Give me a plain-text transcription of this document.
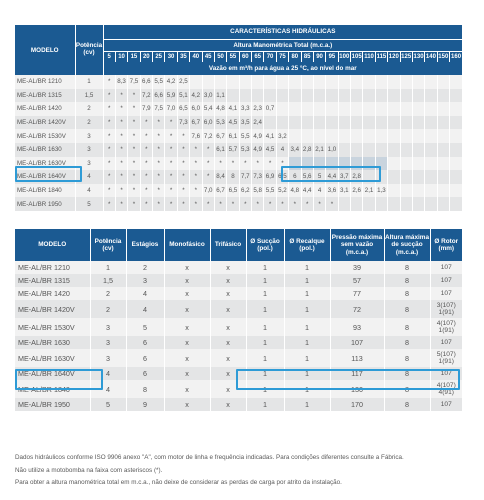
MODELO	Potência (cv)	CARACTERÍSTICAS HIDRÁULICAS																												
		Altura Manométrica Total (m.c.a.)																												
		5	10	15	20	25	30	35	40	45	50	55	60	65	70	75	80	85	90	95	100	105	110	115	120	125	130	140	150	160
		Vazão em m³/h para água a 25 °C, ao nível do mar																												
ME-AL/BR 1210	1	*	8,3	7,5	6,6	5,5	4,2	2,5																						
ME-AL/BR 1315	1,5	*	*	*	7,2	6,6	5,9	5,1	4,2	3,0	1,1																			
ME-AL/BR 1420	2	*	*	*	7,9	7,5	7,0	6,5	6,0	5,4	4,8	4,1	3,3	2,3	0,7															
ME-AL/BR 1420V	2	*	*	*	*	*	*	7,3	6,7	6,0	5,3	4,5	3,5	2,4																
ME-AL/BR 1530V	3	*	*	*	*	*	*	*	7,6	7,2	6,7	6,1	5,5	4,9	4,1	3,2														
ME-AL/BR 1630	3	*	*	*	*	*	*	*	*	*	6,1	5,7	5,3	4,9	4,5	4	3,4	2,8	2,1	1,0										
ME-AL/BR 1630V	3	*	*	*	*	*	*	*	*	*	*	*	*	*	*	*														
ME-AL/BR 1640V	4	*	*	*	*	*	*	*	*	*	8,4	8	7,7	7,3	6,9	6,5	6	5,6	5	4,4	3,7	2,8								
ME-AL/BR 1840	4	*	*	*	*	*	*	*	*	7,0	6,7	6,5	6,2	5,8	5,5	5,2	4,8	4,4	4	3,6	3,1	2,6	2,1	1,3						
ME-AL/BR 1950	5	*	*	*	*	*	*	*	*	*	*	*	*	*	*	*	*	*	*	*										
MODELO	Potência (cv)	Estágios	Monofásico	Trifásico	Ø Sucção (pol.)	Ø Recalque (pol.)	Pressão máxima sem vazão (m.c.a.)	Altura máxima de sucção (m.c.a.)	Ø Rotor (mm)
ME-AL/BR 1210	1	2	x	x	1	1	39	8	107
ME-AL/BR 1315	1,5	3	x	x	1	1	57	8	107
ME-AL/BR 1420	2	4	x	x	1	1	77	8	107
ME-AL/BR 1420V	2	4	x	x	1	1	72	8	3(107) 1(91)
ME-AL/BR 1530V	3	5	x	x	1	1	93	8	4(107) 1(91)
ME-AL/BR 1630	3	6	x	x	1	1	107	8	107
ME-AL/BR 1630V	3	6	x	x	1	1	113	8	5(107) 1(91)
ME-AL/BR 1640V	4	6	x	x	1	1	117	8	107
ME-AL/BR 1840	4	8	x	x	1	1	130	8	4(107) 4(91)
ME-AL/BR 1950	5	9	x	x	1	1	170	8	107
Dados hidráulicos conforme ISO 9906 anexo "A", com motor de linha e frequência indicadas. Para condições diferentes consulte a Fábrica.
Não utilize a motobomba na faixa com asteriscos (*).
Para obter a altura manométrica total em m.c.a., não deixe de considerar as perdas de carga por atrito da instalação.
